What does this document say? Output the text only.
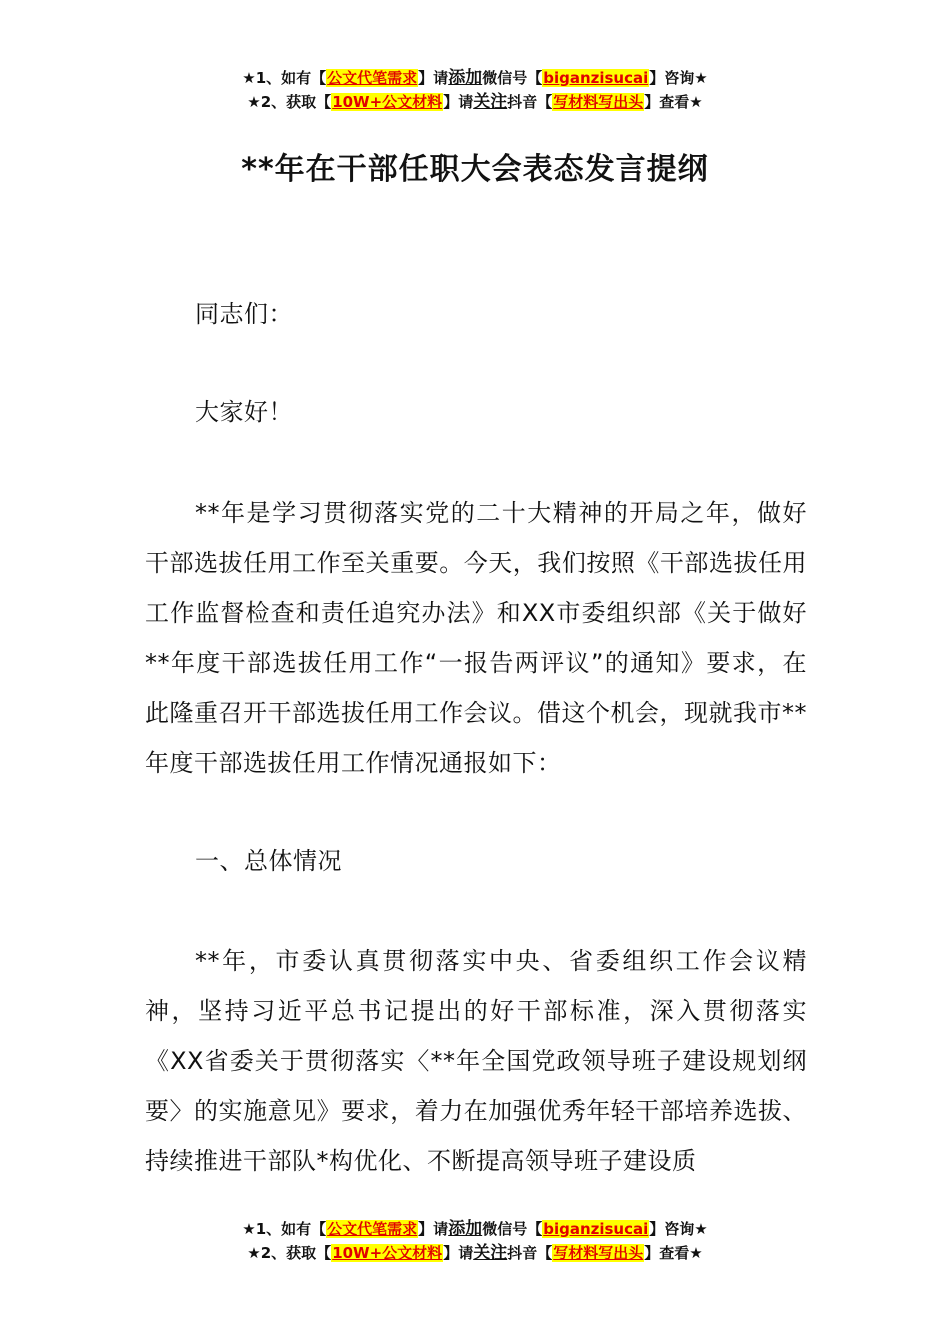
★1、如有【公文代笔需求】请添加微信号【biganzisucai】咨询★
★2、获取【10W+公文材料】请关注抖音【写材料写出头】查看★
**年在干部任职大会表态发言提纲

同志们：

大家好！

**年是学习贯彻落实党的二十大精神的开局之年，做好干部选拔任用工作至关重要。今天，我们按照《干部选拔任用工作监督检查和责任追究办法》和XX市委组织部《关于做好**年度干部选拔任用工作“一报告两评议”的通知》要求，在此隆重召开干部选拔任用工作会议。借这个机会，现就我市**年度干部选拔任用工作情况通报如下：

一、总体情况

**年，市委认真贯彻落实中央、省委组织工作会议精神，坚持习近平总书记提出的好干部标准，深入贯彻落实《XX省委关于贯彻落实〈**年全国党政领导班子建设规划纲要〉的实施意见》要求，着力在加强优秀年轻干部培养选拔、持续推进干部队*构优化、不断提高领导班子建设质

★1、如有【公文代笔需求】请添加微信号【biganzisucai】咨询★
★2、获取【10W+公文材料】请关注抖音【写材料写出头】查看★
